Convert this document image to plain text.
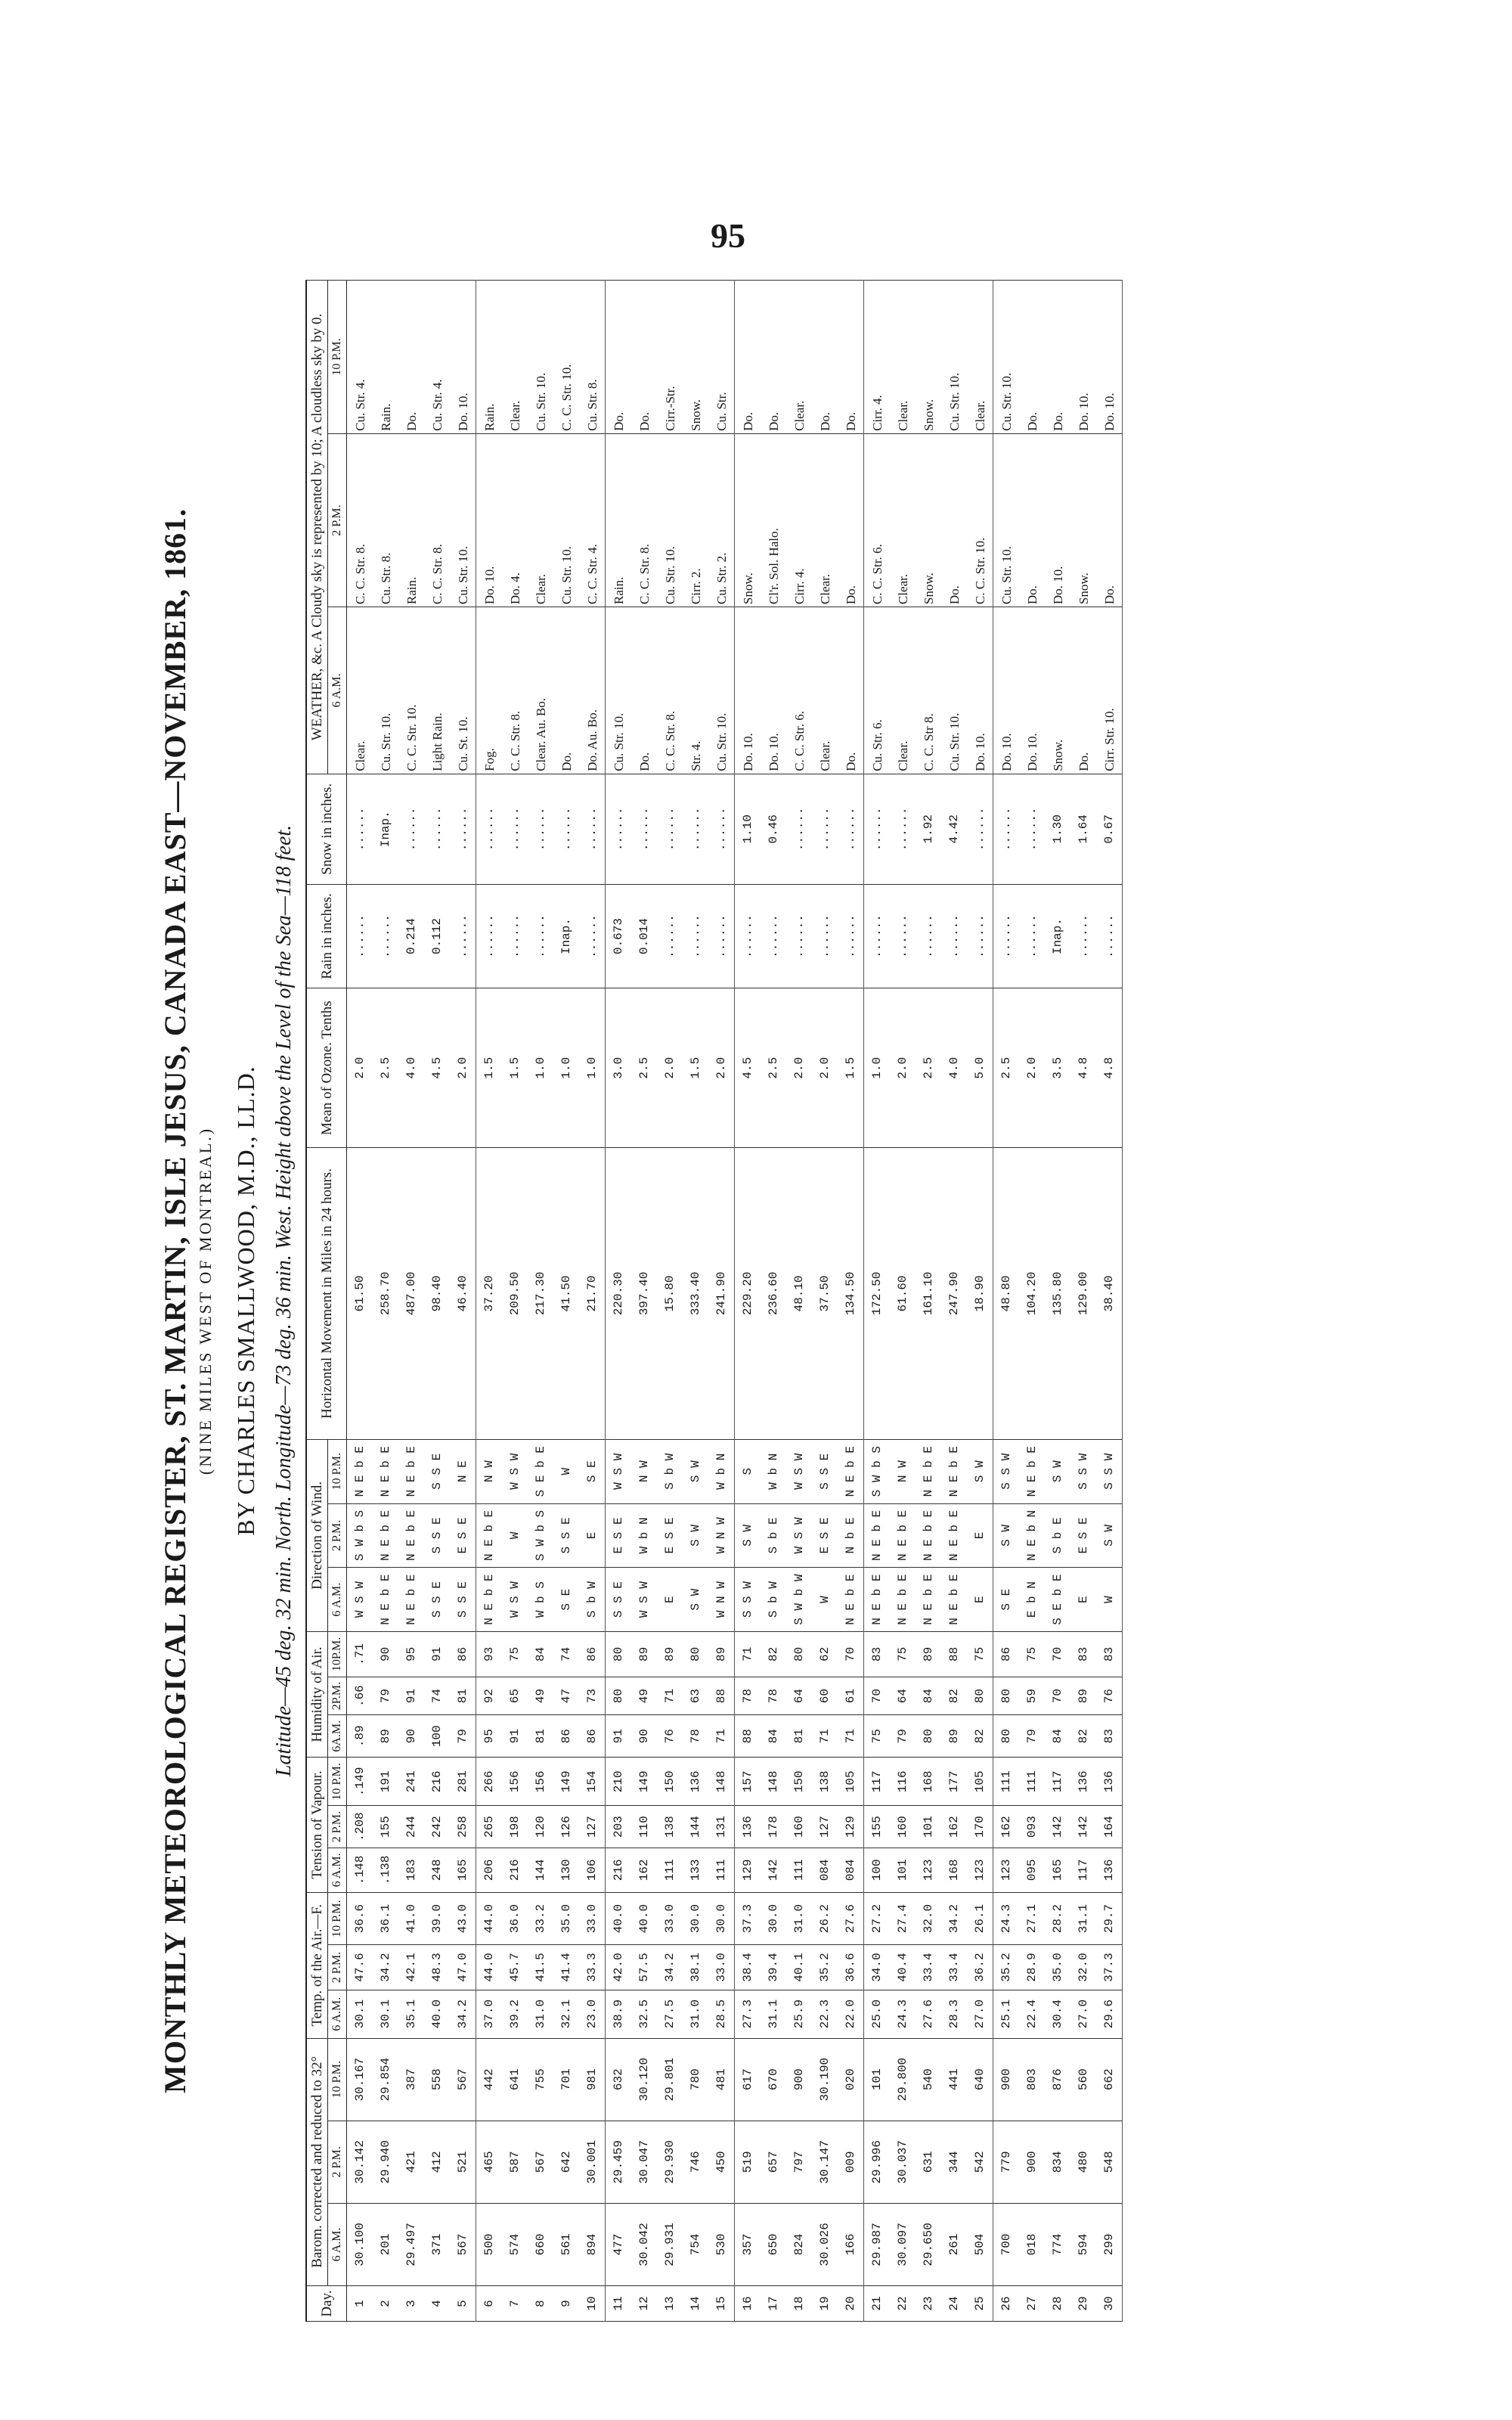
95
MONTHLY METEOROLOGICAL REGISTER, ST. MARTIN, ISLE JESUS, CANADA EAST—NOVEMBER, 1861. (NINE MILES WEST OF MONTREAL.) BY CHARLES SMALLWOOD, M.D., LL.D. Latitude—45 deg. 32 min. North. Longitude—73 deg. 36 min. West. Height above the Level of the Sea—118 feet.
Day.	Barom. corrected and reduced to 32°			Temp. of the Air.—F.			Tension of Vapour.			Humidity of Air.			Direction of Wind.			Horizontal Movement in Miles in 24 hours.	Mean of Ozone. Tenths	Rain in inches.	Snow in inches.	WEATHER, &c. A Cloudy sky is represented by 10; A cloudless sky by 0.		
	6 A.M.	2 P.M.	10 P.M.	6 A.M.	2 P.M.	10 P.M.	6 A.M.	2 P.M.	10 P.M.	6A.M.	2P.M.	10P.M.	6 A.M.	2 P.M.	10 P.M.					6 A.M.	2 P.M.	10 P.M.
1	30.100	30.142	30.167	30.1	47.6	36.6	.148	.208	.149	.89	.66	.71	W S W	S W b S	N E b E	61.50	2.0	......	......	Clear.	C. C. Str. 8.	Cu. Str. 4.
2	201	29.940	29.854	30.1	34.2	36.1	.138	155	191	89	79	90	N E b E	N E b E	N E b E	258.70	2.5	......	Inap.	Cu. Str. 10.	Cu. Str. 8.	Rain.
3	29.497	421	387	35.1	42.1	41.0	183	244	241	90	91	95	N E b E	N E b E	N E b E	487.00	4.0	0.214	......	C. C. Str. 10.	Rain.	Do.
4	371	412	558	40.0	48.3	39.0	248	242	216	100	74	91	S S E	S S E	S S E	98.40	4.5	0.112	......	Light Rain.	C. C. Str. 8.	Cu. Str. 4.
5	567	521	567	34.2	47.0	43.0	165	258	281	79	81	86	S S E	E S E	N E	46.40	2.0	......	......	Cu. St. 10.	Cu. Str. 10.	Do. 10.
6	500	465	442	37.0	44.0	44.0	206	265	266	95	92	93	N E b E	N E b E	N W	37.20	1.5	......	......	Fog.	Do. 10.	Rain.
7	574	587	641	39.2	45.7	36.0	216	198	156	91	65	75	W S W	W	W S W	209.50	1.5	......	......	C. C. Str. 8.	Do. 4.	Clear.
8	660	567	755	31.0	41.5	33.2	144	120	156	81	49	84	W b S	S W b S	S E b E	217.30	1.0	......	......	Clear. Au. Bo.	Clear.	Cu. Str. 10.
9	561	642	701	32.1	41.4	35.0	130	126	149	86	47	74	S E	S S E	W	41.50	1.0	Inap.	......	Do.	Cu. Str. 10.	C. C. Str. 10.
10	894	30.001	981	23.0	33.3	33.0	106	127	154	86	73	86	S b W	E	S E	21.70	1.0	......	......	Do. Au. Bo.	C. C. Str. 4.	Cu. Str. 8.
11	477	29.459	632	38.9	42.0	40.0	216	203	210	91	80	80	S S E	E S E	W S W	220.30	3.0	0.673	......	Cu. Str. 10.	Rain.	Do.
12	30.042	30.047	30.120	32.5	57.5	40.0	162	110	149	90	49	89	W S W	W b N	N W	397.40	2.5	0.014	......	Do.	C. C. Str. 8.	Do.
13	29.931	29.930	29.801	27.5	34.2	33.0	111	138	150	76	71	89	E	E S E	S b W	15.80	2.0	......	......	C. C. Str. 8.	Cu. Str. 10.	Cirr.-Str.
14	754	746	780	31.0	38.1	30.0	133	144	136	78	63	80	S W	S W	S W	333.40	1.5	......	......	Str. 4.	Cirr. 2.	Snow.
15	530	450	481	28.5	33.0	30.0	111	131	148	71	88	89	W N W	W N W	W b N	241.90	2.0	......	......	Cu. Str. 10.	Cu. Str. 2.	Cu. Str.
16	357	519	617	27.3	38.4	37.3	129	136	157	88	78	71	S S W	S W	S	229.20	4.5	......	1.10	Do. 10.	Snow.	Do.
17	650	657	670	31.1	39.4	30.0	142	178	148	84	78	82	S b W	S b E	W b N	236.60	2.5	......	0.46	Do. 10.	Cl'r. Sol. Halo.	Do.
18	824	797	900	25.9	40.1	31.0	111	160	150	81	64	80	S W b W	W S W	W S W	48.10	2.0	......	......	C. C. Str. 6.	Cirr. 4.	Clear.
19	30.026	30.147	30.190	22.3	35.2	26.2	084	127	138	71	60	62	W	E S E	S S E	37.50	2.0	......	......	Clear.	Clear.	Do.
20	166	009	020	22.0	36.6	27.6	084	129	105	71	61	70	N E b E	N b E	N E b E	134.50	1.5	......	......	Do.	Do.	Do.
21	29.987	29.996	101	25.0	34.0	27.2	100	155	117	75	70	83	N E b E	N E b E	S W b S	172.50	1.0	......	......	Cu. Str. 6.	C. C. Str. 6.	Cirr. 4.
22	30.097	30.037	29.800	24.3	40.4	27.4	101	160	116	79	64	75	N E b E	N E b E	N W	61.60	2.0	......	......	Clear.	Clear.	Clear.
23	29.650	631	540	27.6	33.4	32.0	123	101	168	80	84	89	N E b E	N E b E	N E b E	161.10	2.5	......	1.92	C. C. Str 8.	Snow.	Snow.
24	261	344	441	28.3	33.4	34.2	168	162	177	89	82	88	N E b E	N E b E	N E b E	247.90	4.0	......	4.42	Cu. Str. 10.	Do.	Cu. Str. 10.
25	504	542	640	27.0	36.2	26.1	123	170	105	82	80	75	E	E	S W	18.90	5.0	......	......	Do. 10.	C. C. Str. 10.	Clear.
26	700	779	900	25.1	35.2	24.3	123	162	111	80	80	86	S E	S W	S S W	48.80	2.5	......	......	Do. 10.	Cu. Str. 10.	Cu. Str. 10.
27	018	900	803	22.4	28.9	27.1	095	093	111	79	59	75	E b N	N E b N	N E b E	104.20	2.0	......	......	Do. 10.	Do.	Do.
28	774	834	876	30.4	35.0	28.2	165	142	117	84	70	70	S E b E	S b E	S W	135.80	3.5	Inap.	1.30	Snow.	Do. 10.	Do.
29	594	480	560	27.0	32.0	31.1	117	142	136	82	89	83	E	E S E	S S W	129.00	4.8	......	1.64	Do.	Snow.	Do. 10.
30	299	548	662	29.6	37.3	29.7	136	164	136	83	76	83	W	S W	S S W	38.40	4.8	......	0.67	Cirr. Str. 10.	Do.	Do. 10.
